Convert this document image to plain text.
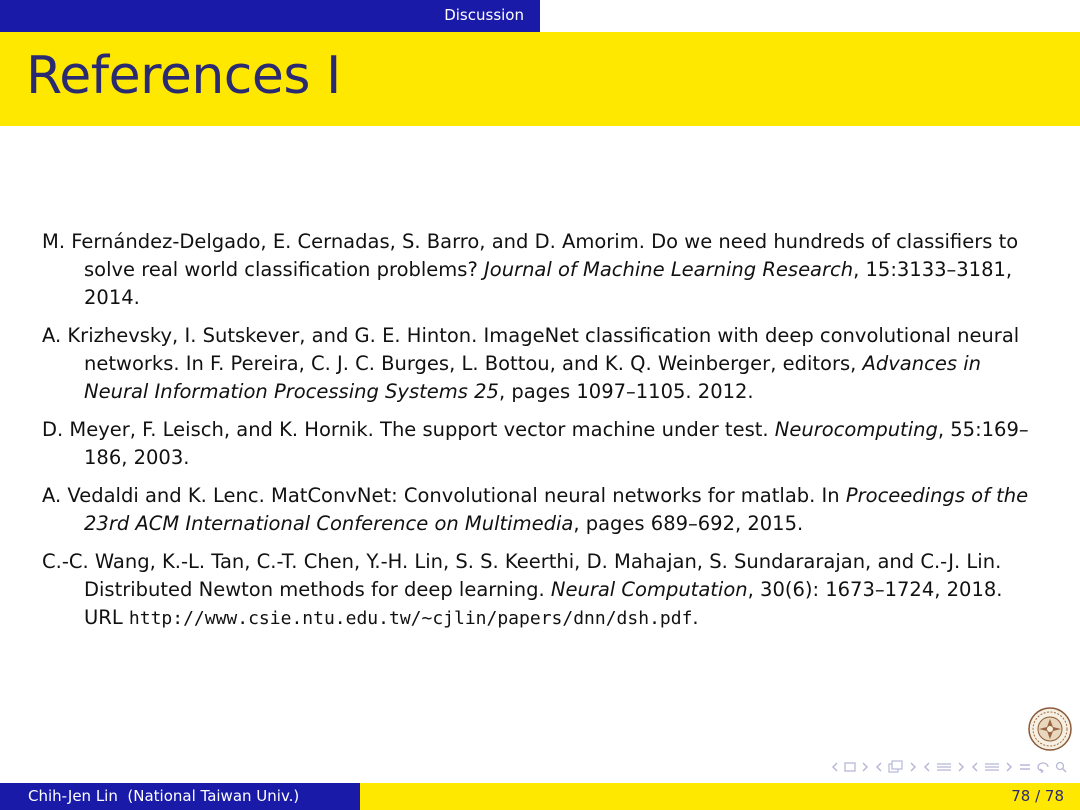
Discussion
References I
M. Fernández-Delgado, E. Cernadas, S. Barro, and D. Amorim. Do we need hundreds of classifiers to solve real world classification problems? Journal of Machine Learning Research, 15:3133–3181, 2014.
A. Krizhevsky, I. Sutskever, and G. E. Hinton. ImageNet classification with deep convolutional neural networks. In F. Pereira, C. J. C. Burges, L. Bottou, and K. Q. Weinberger, editors, Advances in Neural Information Processing Systems 25, pages 1097–1105. 2012.
D. Meyer, F. Leisch, and K. Hornik. The support vector machine under test. Neurocomputing, 55:169–186, 2003.
A. Vedaldi and K. Lenc. MatConvNet: Convolutional neural networks for matlab. In Proceedings of the 23rd ACM International Conference on Multimedia, pages 689–692, 2015.
C.-C. Wang, K.-L. Tan, C.-T. Chen, Y.-H. Lin, S. S. Keerthi, D. Mahajan, S. Sundararajan, and C.-J. Lin. Distributed Newton methods for deep learning. Neural Computation, 30(6): 1673–1724, 2018. URL http://www.csie.ntu.edu.tw/~cjlin/papers/dnn/dsh.pdf.
Chih-Jen Lin  (National Taiwan Univ.)	78 / 78
